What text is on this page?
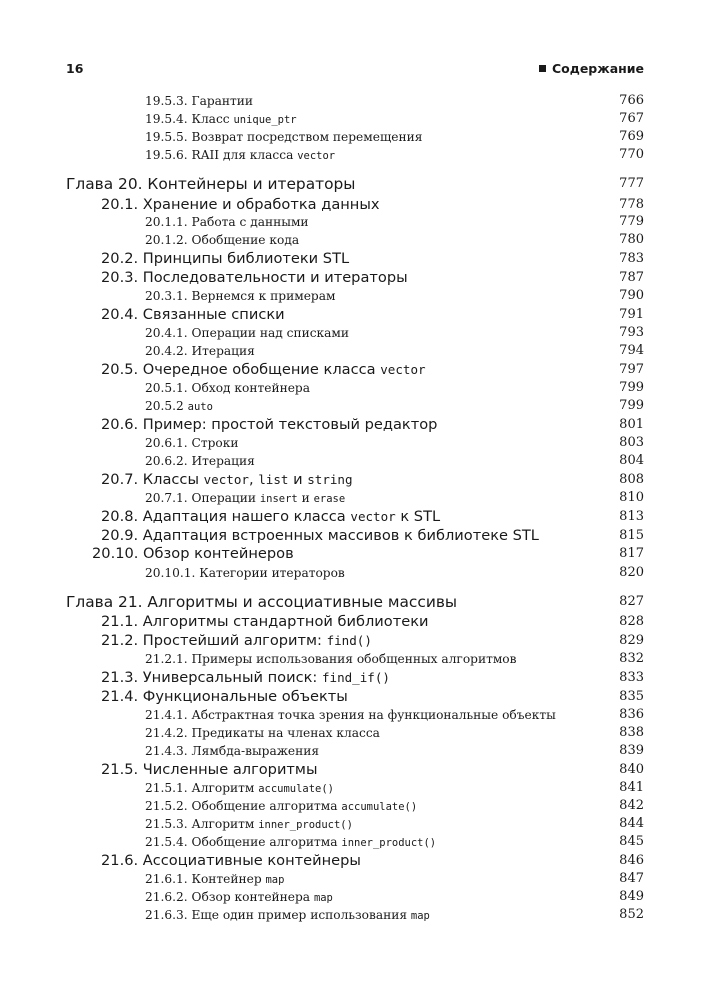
16	Содержание
19.5.3. Гарантии	766
19.5.4. Класс unique_ptr	767
19.5.5. Возврат посредством перемещения	769
19.5.6. RAII для класса vector	770
Глава 20. Контейнеры и итераторы	777
20.1. Хранение и обработка данных	778
20.1.1. Работа с данными	779
20.1.2. Обобщение кода	780
20.2. Принципы библиотеки STL	783
20.3. Последовательности и итераторы	787
20.3.1. Вернемся к примерам	790
20.4. Связанные списки	791
20.4.1. Операции над списками	793
20.4.2. Итерация	794
20.5. Очередное обобщение класса vector	797
20.5.1. Обход контейнера	799
20.5.2 auto	799
20.6. Пример: простой текстовый редактор	801
20.6.1. Строки	803
20.6.2. Итерация	804
20.7. Классы vector, list и string	808
20.7.1. Операции insert и erase	810
20.8. Адаптация нашего класса vector к STL	813
20.9. Адаптация встроенных массивов к библиотеке STL	815
20.10. Обзор контейнеров	817
20.10.1. Категории итераторов	820
Глава 21. Алгоритмы и ассоциативные массивы	827
21.1. Алгоритмы стандартной библиотеки	828
21.2. Простейший алгоритм: find()	829
21.2.1. Примеры использования обобщенных алгоритмов	832
21.3. Универсальный поиск: find_if()	833
21.4. Функциональные объекты	835
21.4.1. Абстрактная точка зрения на функциональные объекты	836
21.4.2. Предикаты на членах класса	838
21.4.3. Лямбда-выражения	839
21.5. Численные алгоритмы	840
21.5.1. Алгоритм accumulate()	841
21.5.2. Обобщение алгоритма accumulate()	842
21.5.3. Алгоритм inner_product()	844
21.5.4. Обобщение алгоритма inner_product()	845
21.6. Ассоциативные контейнеры	846
21.6.1. Контейнер map	847
21.6.2. Обзор контейнера map	849
21.6.3. Еще один пример использования map	852
